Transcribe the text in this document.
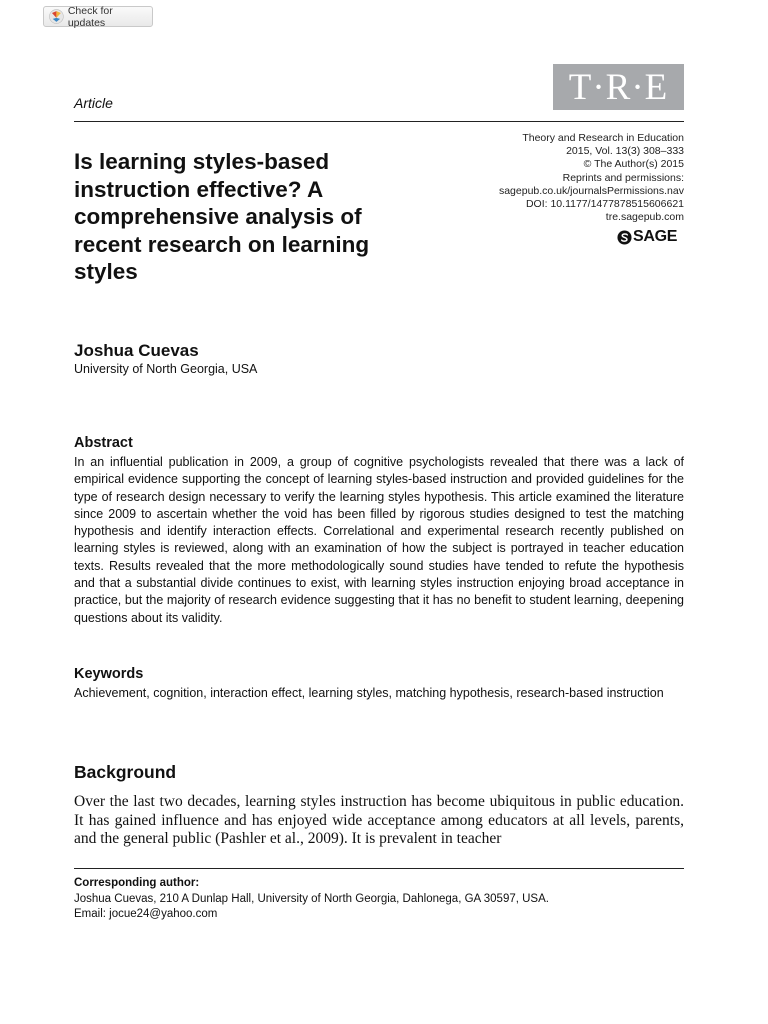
Check for updates
T·R·E
Article
Is learning styles-based instruction effective? A comprehensive analysis of recent research on learning styles
Theory and Research in Education
2015, Vol. 13(3) 308–333
© The Author(s) 2015
Reprints and permissions:
sagepub.co.uk/journalsPermissions.nav
DOI: 10.1177/1477878515606621
tre.sagepub.com
SAGE
Joshua Cuevas
University of North Georgia, USA
Abstract
In an influential publication in 2009, a group of cognitive psychologists revealed that there was a lack of empirical evidence supporting the concept of learning styles-based instruction and provided guidelines for the type of research design necessary to verify the learning styles hypothesis. This article examined the literature since 2009 to ascertain whether the void has been filled by rigorous studies designed to test the matching hypothesis and identify interaction effects. Correlational and experimental research recently published on learning styles is reviewed, along with an examination of how the subject is portrayed in teacher education texts. Results revealed that the more methodologically sound studies have tended to refute the hypothesis and that a substantial divide continues to exist, with learning styles instruction enjoying broad acceptance in practice, but the majority of research evidence suggesting that it has no benefit to student learning, deepening questions about its validity.
Keywords
Achievement, cognition, interaction effect, learning styles, matching hypothesis, research-based instruction
Background
Over the last two decades, learning styles instruction has become ubiquitous in public education. It has gained influence and has enjoyed wide acceptance among educators at all levels, parents, and the general public (Pashler et al., 2009). It is prevalent in teacher
Corresponding author:
Joshua Cuevas, 210 A Dunlap Hall, University of North Georgia, Dahlonega, GA 30597, USA.
Email: jocue24@yahoo.com
